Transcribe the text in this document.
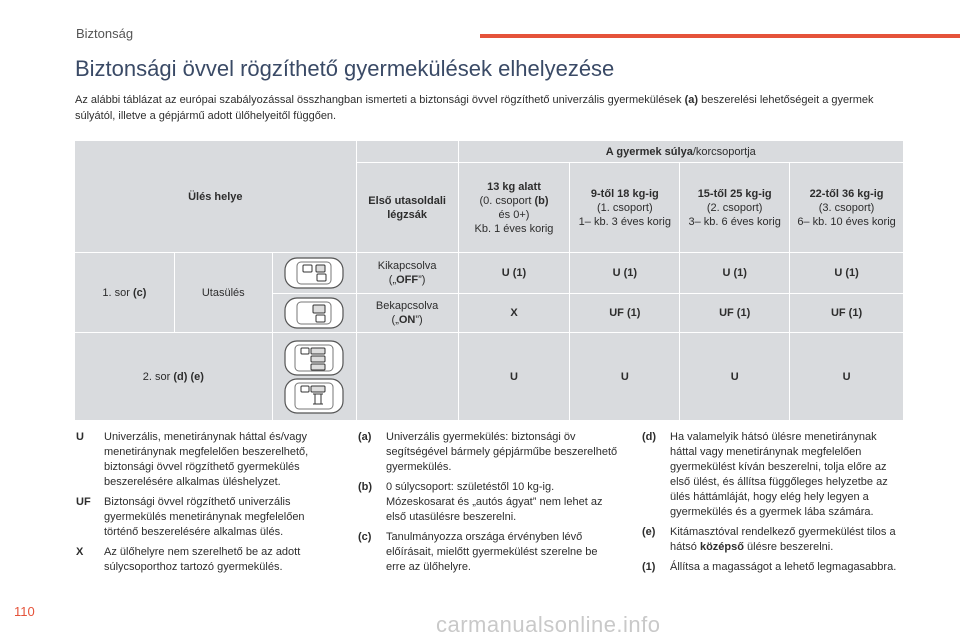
Biztonság
Biztonsági övvel rögzíthető gyermekülések elhelyezése

Az alábbi táblázat az európai szabályozással összhangban ismerteti a biztonsági övvel rögzíthető univerzális gyermekülések (a) beszerelési lehetőségeit a gyermek súlyától, illetve a gépjármű adott ülőhelyeitől függően.

Ülés helye				A gyermek súlya/korcsoportja			
			Első utasoldali légzsák	13 kg alatt
(0. csoport (b)
és 0+)
Kb. 1 éves korig	9-től 18 kg-ig
(1. csoport)
1– kb. 3 éves korig	15-től 25 kg-ig
(2. csoport)
3– kb. 6 éves korig	22-től 36 kg-ig
(3. csoport)
6– kb. 10 éves korig
1. sor (c)	Utasülés		Kikapcsolva
(„OFF”)	U (1)	U (1)	U (1)	U (1)
	Bekapcsolva
(„ON”)	X	UF (1)	UF (1)	UF (1)
2. sor (d) (e)				U	U	U	U
U	Univerzális, menetiránynak háttal és/vagy menetiránynak megfelelően beszerelhető, biztonsági övvel rögzíthető gyermekülés beszerelésére alkalmas üléshelyzet.
UF	Biztonsági övvel rögzíthető univerzális gyermekülés menetiránynak megfelelően történő beszerelésére alkalmas ülés.
X	Az ülőhelyre nem szerelhető be az adott súlycsoporthoz tartozó gyermekülés.
(a)	Univerzális gyermekülés: biztonsági öv segítségével bármely gépjárműbe beszerelhető gyermekülés.
(b)	0 súlycsoport: születéstől 10 kg-ig. Mózeskosarat és „autós ágyat” nem lehet az első utasülésre beszerelni.
(c)	Tanulmányozza országa érvényben lévő előírásait, mielőtt gyermekülést szerelne be erre az ülőhelyre.
(d)	Ha valamelyik hátsó ülésre menetiránynak háttal vagy menetiránynak megfelelően gyermekülést kíván beszerelni, tolja előre az első ülést, és állítsa függőleges helyzetbe az ülés háttámláját, hogy elég hely legyen a gyermekülés és a gyermek lába számára.
(e)	Kitámasztóval rendelkező gyermekülést tilos a hátsó középső ülésre beszerelni.
(1)	Állítsa a magasságot a lehető legmagasabbra.
110
carmanualsonline.info
